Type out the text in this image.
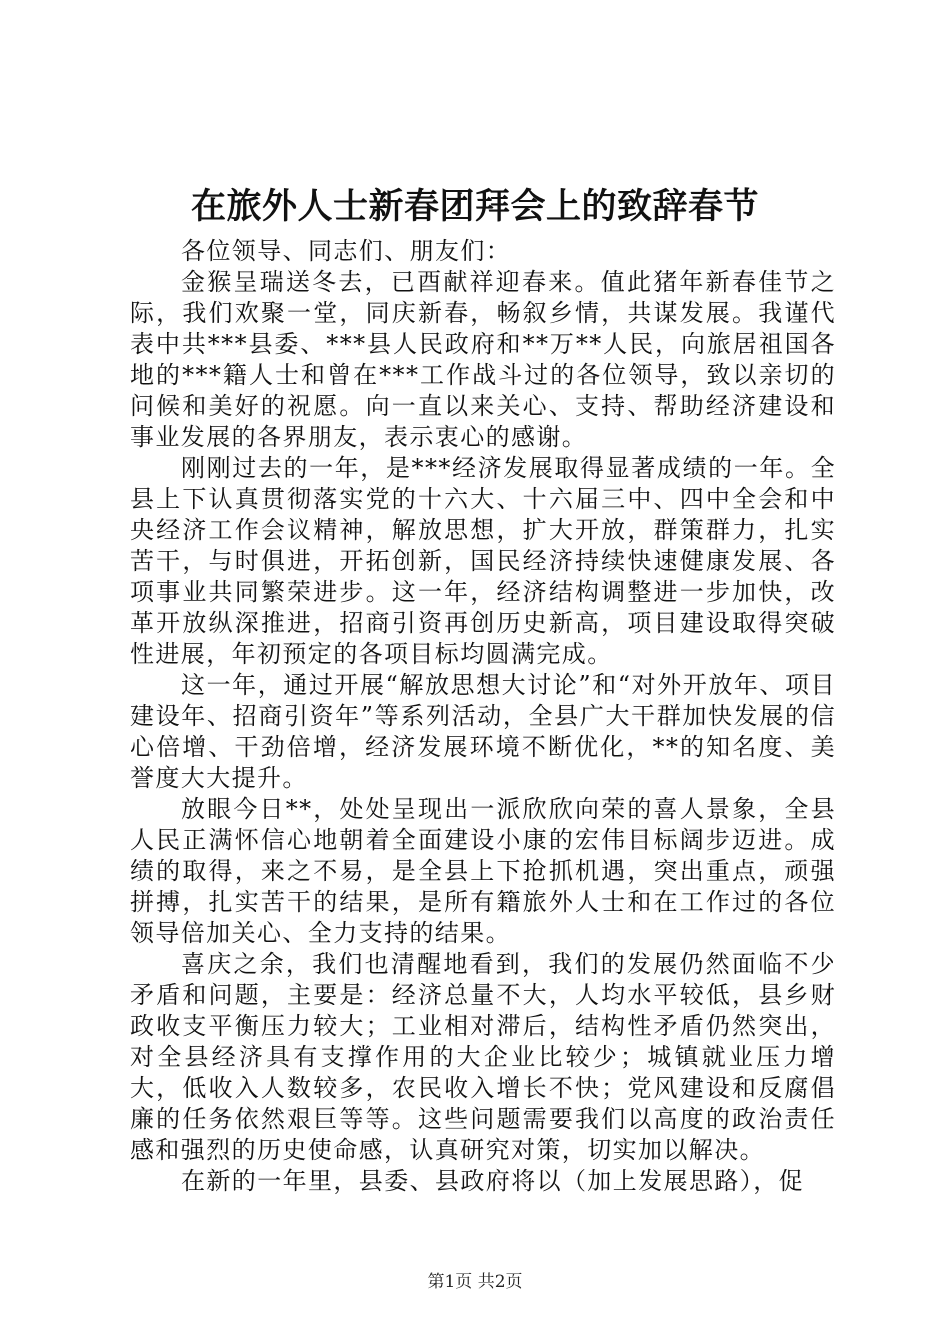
在旅外人士新春团拜会上的致辞春节

各位领导、同志们、朋友们：

金猴呈瑞送冬去，已酉献祥迎春来。值此猪年新春佳节之际，我们欢聚一堂，同庆新春，畅叙乡情，共谋发展。我谨代表中共***县委、***县人民政府和**万**人民，向旅居祖国各地的***籍人士和曾在***工作战斗过的各位领导，致以亲切的问候和美好的祝愿。向一直以来关心、支持、帮助经济建设和事业发展的各界朋友，表示衷心的感谢。

刚刚过去的一年，是***经济发展取得显著成绩的一年。全县上下认真贯彻落实党的十六大、十六届三中、四中全会和中央经济工作会议精神，解放思想，扩大开放，群策群力，扎实苦干，与时俱进，开拓创新，国民经济持续快速健康发展、各项事业共同繁荣进步。这一年，经济结构调整进一步加快，改革开放纵深推进，招商引资再创历史新高，项目建设取得突破性进展，年初预定的各项目标均圆满完成。

这一年，通过开展“解放思想大讨论”和“对外开放年、项目建设年、招商引资年”等系列活动，全县广大干群加快发展的信心倍增、干劲倍增，经济发展环境不断优化，**的知名度、美誉度大大提升。

放眼今日**，处处呈现出一派欣欣向荣的喜人景象，全县人民正满怀信心地朝着全面建设小康的宏伟目标阔步迈进。成绩的取得，来之不易，是全县上下抢抓机遇，突出重点，顽强拼搏，扎实苦干的结果，是所有籍旅外人士和在工作过的各位领导倍加关心、全力支持的结果。

喜庆之余，我们也清醒地看到，我们的发展仍然面临不少矛盾和问题，主要是：经济总量不大，人均水平较低，县乡财政收支平衡压力较大；工业相对滞后，结构性矛盾仍然突出，对全县经济具有支撑作用的大企业比较少；城镇就业压力增大，低收入人数较多，农民收入增长不快；党风建设和反腐倡廉的任务依然艰巨等等。这些问题需要我们以高度的政治责任感和强烈的历史使命感，认真研究对策，切实加以解决。

在新的一年里，县委、县政府将以（加上发展思路），促

第1页 共2页
